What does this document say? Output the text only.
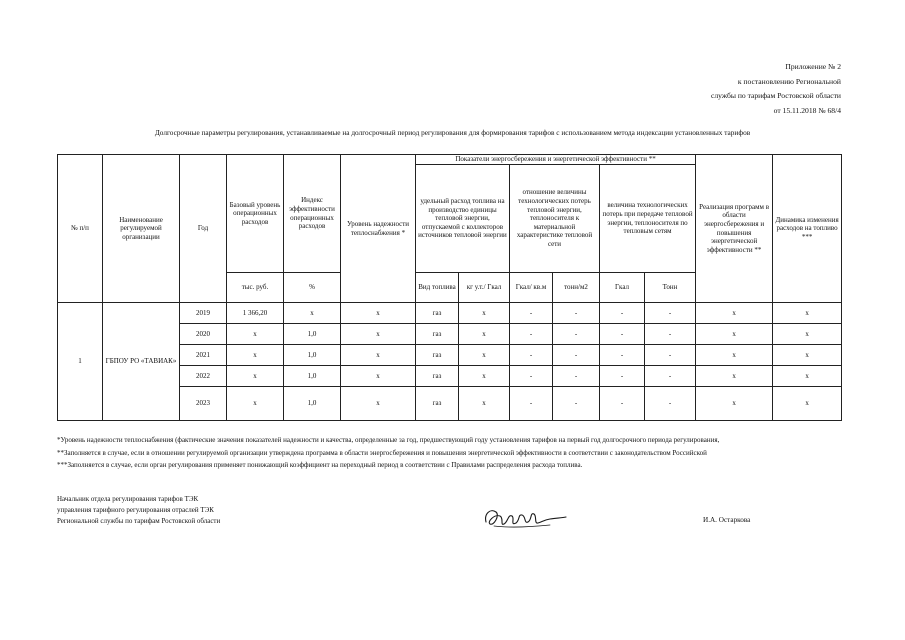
Приложение № 2
к постановлению Региональной
службы по тарифам Ростовской области
от 15.11.2018 № 68/4
Долгосрочные параметры регулирования, устанавливаемые на долгосрочный период регулирования для формирования тарифов с использованием метода индексации установленных тарифов
№ п/п	Наименование регулируемой организации	Год	Базовый уровень операционных расходов	Индекс эффективности операционных расходов	Уровень надежности теплоснабжения *	Показатели энергосбережения и энергетической эффективности **						Реализация программ в области энергосбережения и повышения энергетической эффективности **	Динамика изменения расходов на топливо ***
						удельный расход топлива на производство единицы тепловой энергии, отпускаемой с коллекторов источников тепловой энергии		отношение величины технологических потерь тепловой энергии, теплоносителя к материальной характеристике тепловой сети		величина технологических потерь при передаче тепловой энергии, теплоносителя по тепловым сетям			
			тыс. руб.	%		Вид топлива	кг у.т./ Гкал	Гкал/ кв.м	тонн/м2	Гкал	Тонн		
1	ГБПОУ РО «ТАВИАК»	2019	1 366,20	х	х	газ	х	-	-	-	-	х	х
		2020	х	1,0	х	газ	х	-	-	-	-	х	х
		2021	х	1,0	х	газ	х	-	-	-	-	х	х
		2022	х	1,0	х	газ	х	-	-	-	-	х	х
		2023	х	1,0	х	газ	х	-	-	-	-	х	х
*Уровень надежности теплоснабжения (фактические значения показателей надежности и качества, определенные за год, предшествующий году установления тарифов на первый год долгосрочного периода регулирования,
**Заполняется в случае, если в отношении регулируемой организации утверждена программа в области энергосбережения и повышения энергетической эффективности в соответствии с законодательством Российской
***Заполняется в случае, если орган регулирования применяет понижающий коэффициент на переходный период в соответствии с Правилами распределения расхода топлива.
Начальник отдела регулирования тарифов ТЭК
управления тарифного регулирования отраслей ТЭК
Региональной службы по тарифам Ростовской области	И.А. Остаркова
